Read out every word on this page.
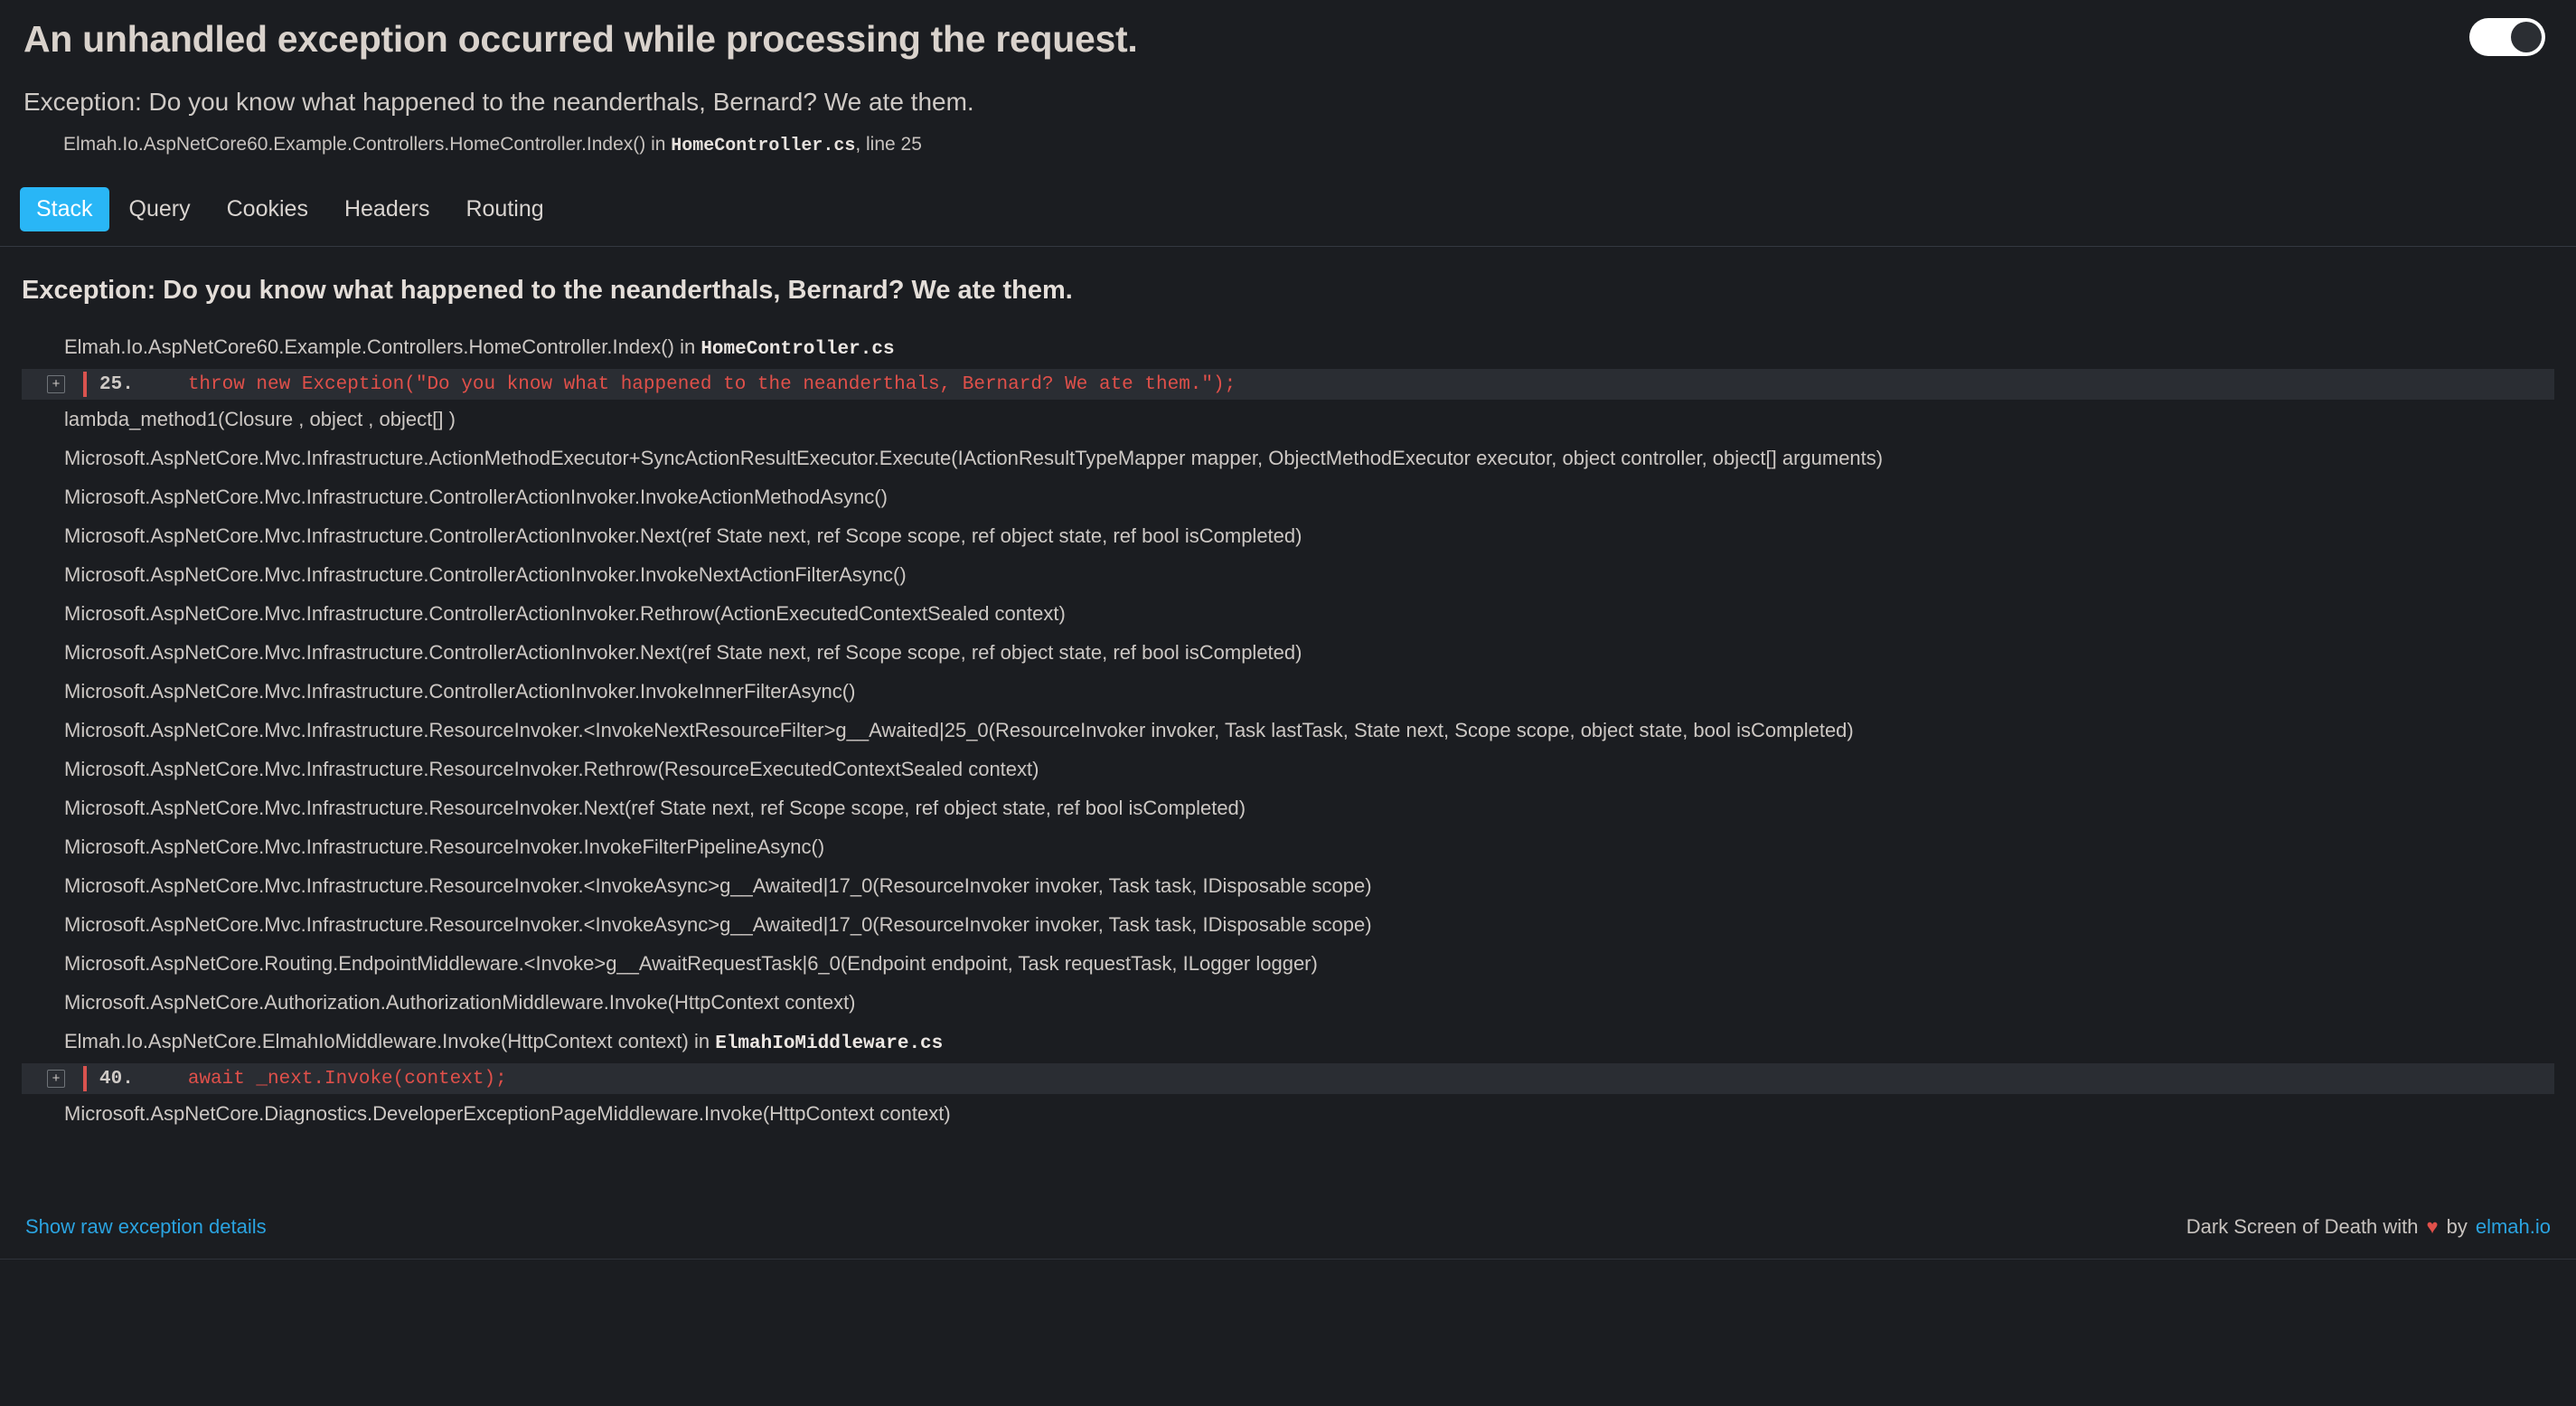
An unhandled exception occurred while processing the request.

Exception: Do you know what happened to the neanderthals, Bernard? We ate them.

Elmah.Io.AspNetCore60.Example.Controllers.HomeController.Index() in HomeController.cs, line 25

Stack	Query	Cookies	Headers	Routing
Exception: Do you know what happened to the neanderthals, Bernard? We ate them.
Elmah.Io.AspNetCore60.Example.Controllers.HomeController.Index() in HomeController.cs
+ 25.	throw new Exception("Do you know what happened to the neanderthals, Bernard? We ate them.");
lambda_method1(Closure , object , object[] )
Microsoft.AspNetCore.Mvc.Infrastructure.ActionMethodExecutor+SyncActionResultExecutor.Execute(IActionResultTypeMapper mapper, ObjectMethodExecutor executor, object controller, object[] arguments)
Microsoft.AspNetCore.Mvc.Infrastructure.ControllerActionInvoker.InvokeActionMethodAsync()
Microsoft.AspNetCore.Mvc.Infrastructure.ControllerActionInvoker.Next(ref State next, ref Scope scope, ref object state, ref bool isCompleted)
Microsoft.AspNetCore.Mvc.Infrastructure.ControllerActionInvoker.InvokeNextActionFilterAsync()
Microsoft.AspNetCore.Mvc.Infrastructure.ControllerActionInvoker.Rethrow(ActionExecutedContextSealed context)
Microsoft.AspNetCore.Mvc.Infrastructure.ControllerActionInvoker.Next(ref State next, ref Scope scope, ref object state, ref bool isCompleted)
Microsoft.AspNetCore.Mvc.Infrastructure.ControllerActionInvoker.InvokeInnerFilterAsync()
Microsoft.AspNetCore.Mvc.Infrastructure.ResourceInvoker.<InvokeNextResourceFilter>g__Awaited|25_0(ResourceInvoker invoker, Task lastTask, State next, Scope scope, object state, bool isCompleted)
Microsoft.AspNetCore.Mvc.Infrastructure.ResourceInvoker.Rethrow(ResourceExecutedContextSealed context)
Microsoft.AspNetCore.Mvc.Infrastructure.ResourceInvoker.Next(ref State next, ref Scope scope, ref object state, ref bool isCompleted)
Microsoft.AspNetCore.Mvc.Infrastructure.ResourceInvoker.InvokeFilterPipelineAsync()
Microsoft.AspNetCore.Mvc.Infrastructure.ResourceInvoker.<InvokeAsync>g__Awaited|17_0(ResourceInvoker invoker, Task task, IDisposable scope)
Microsoft.AspNetCore.Mvc.Infrastructure.ResourceInvoker.<InvokeAsync>g__Awaited|17_0(ResourceInvoker invoker, Task task, IDisposable scope)
Microsoft.AspNetCore.Routing.EndpointMiddleware.<Invoke>g__AwaitRequestTask|6_0(Endpoint endpoint, Task requestTask, ILogger logger)
Microsoft.AspNetCore.Authorization.AuthorizationMiddleware.Invoke(HttpContext context)
Elmah.Io.AspNetCore.ElmahIoMiddleware.Invoke(HttpContext context) in ElmahIoMiddleware.cs
+ 40.	await _next.Invoke(context);
Microsoft.AspNetCore.Diagnostics.DeveloperExceptionPageMiddleware.Invoke(HttpContext context)
Show raw exception details	Dark Screen of Death with ♥ by elmah.io
